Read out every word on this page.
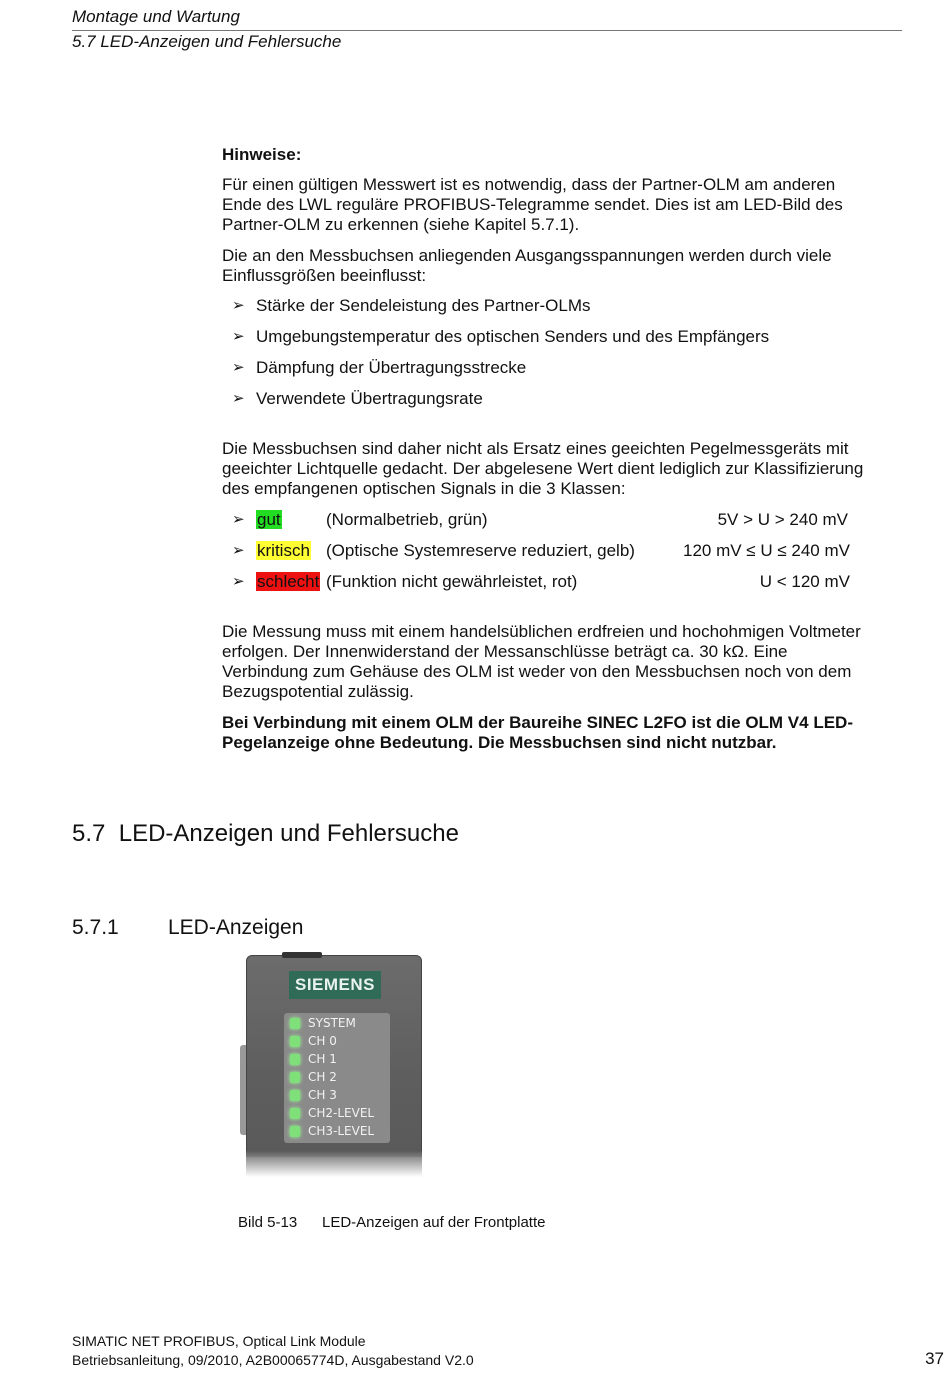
Montage und Wartung
5.7 LED-Anzeigen und Fehlersuche
Hinweise:
Für einen gültigen Messwert ist es notwendig, dass der Partner-OLM am anderen
Ende des LWL reguläre PROFIBUS-Telegramme sendet. Dies ist am LED-Bild des
Partner-OLM zu erkennen (siehe Kapitel 5.7.1).
Die an den Messbuchsen anliegenden Ausgangsspannungen werden durch viele
Einflussgrößen beeinflusst:
➢ Stärke der Sendeleistung des Partner-OLMs
➢ Umgebungstemperatur des optischen Senders und des Empfängers
➢ Dämpfung der Übertragungsstrecke
➢ Verwendete Übertragungsrate
Die Messbuchsen sind daher nicht als Ersatz eines geeichten Pegelmessgeräts mit
geeichter Lichtquelle gedacht. Der abgelesene Wert dient lediglich zur Klassifizierung
des empfangenen optischen Signals in die 3 Klassen:
➢ gut	(Normalbetrieb, grün)	5V > U > 240 mV
➢ kritisch (Optische Systemreserve reduziert, gelb)	120 mV ≤ U ≤ 240 mV
➢ schlecht (Funktion nicht gewährleistet, rot)	U < 120 mV
Die Messung muss mit einem handelsüblichen erdfreien und hochohmigen Voltmeter
erfolgen. Der Innenwiderstand der Messanschlüsse beträgt ca. 30 kΩ. Eine
Verbindung zum Gehäuse des OLM ist weder von den Messbuchsen noch von dem
Bezugspotential zulässig.
Bei Verbindung mit einem OLM der Baureihe SINEC L2FO ist die OLM V4 LED-
Pegelanzeige ohne Bedeutung. Die Messbuchsen sind nicht nutzbar.
5.7 LED-Anzeigen und Fehlersuche
5.7.1 LED-Anzeigen
SIEMENS
SYSTEM
CH 0
CH 1
CH 2
CH 3
CH2-LEVEL
CH3-LEVEL
Bild 5-13 LED-Anzeigen auf der Frontplatte
SIMATIC NET PROFIBUS, Optical Link Module
Betriebsanleitung, 09/2010, A2B00065774D, Ausgabestand V2.0	37
